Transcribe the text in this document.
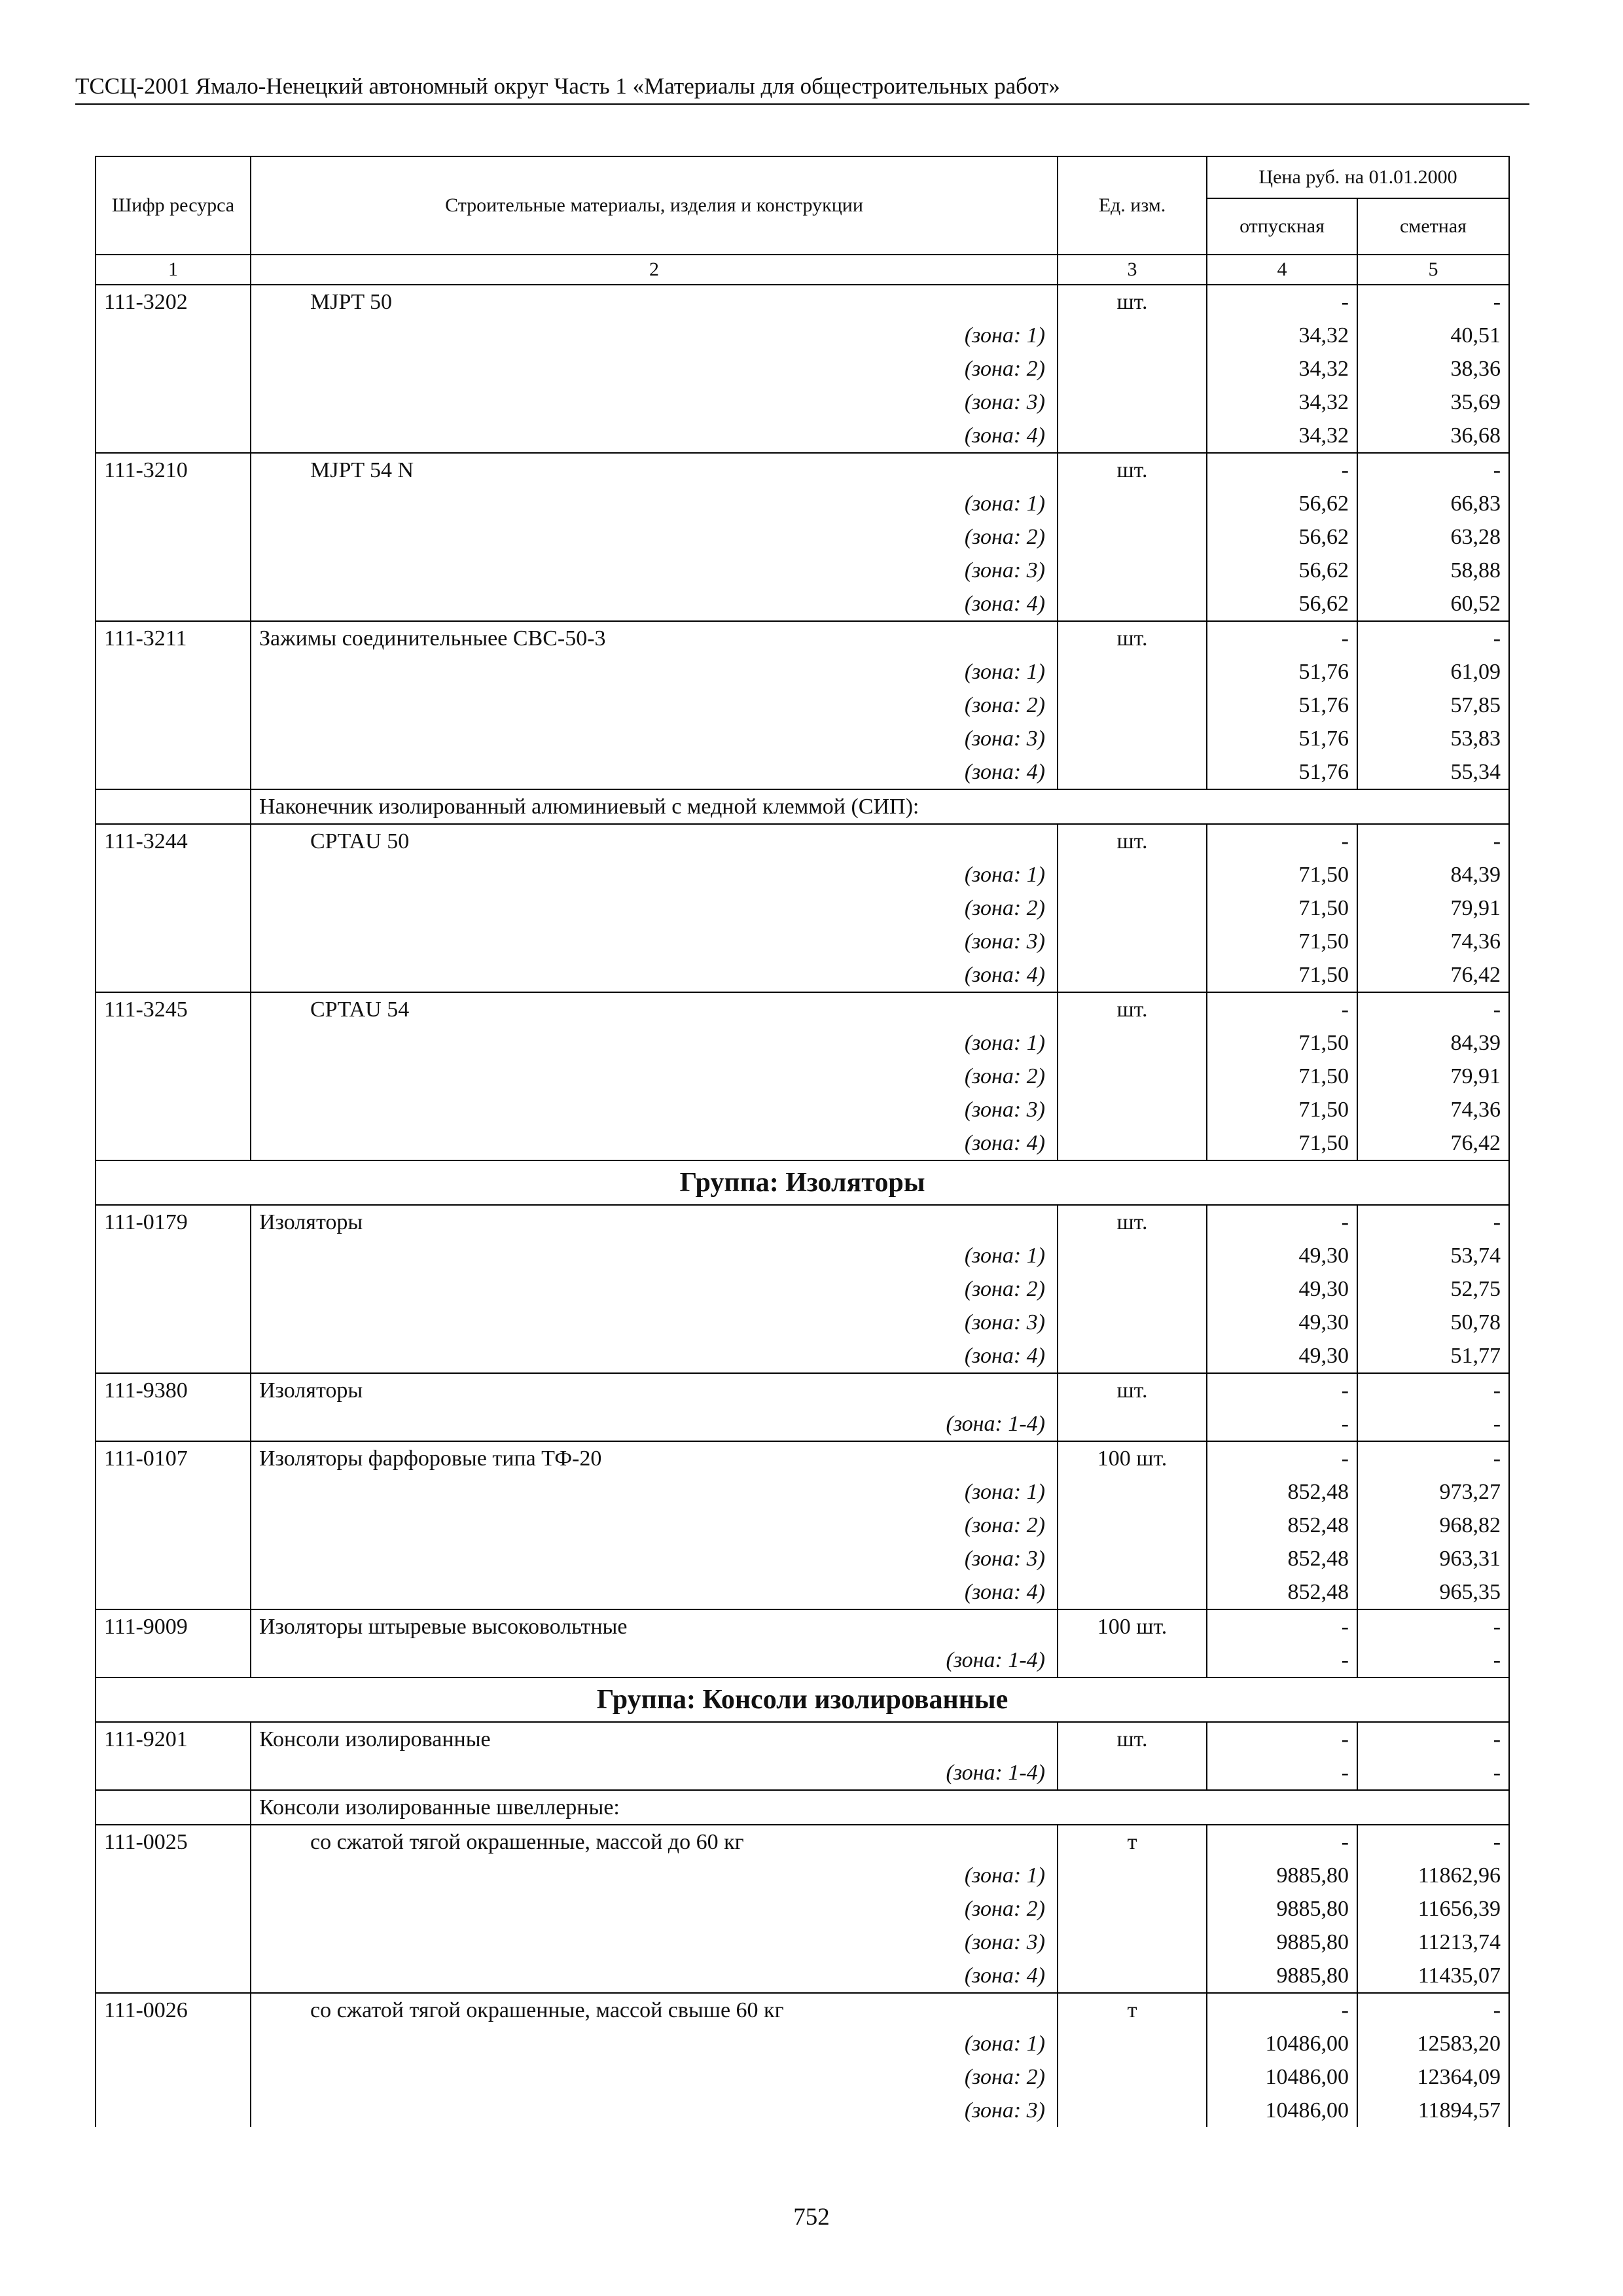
ТССЦ-2001 Ямало-Ненецкий автономный округ Часть 1 «Материалы для общестроительных работ»
Шифр ресурса	Строительные материалы, изделия и конструкции	Ед. изм.	Цена руб. на 01.01.2000	
			отпускная	сметная
1	2	3	4	5
111-3202	MJPT 50	шт.	-	-
	(зона: 1)		34,32	40,51
	(зона: 2)		34,32	38,36
	(зона: 3)		34,32	35,69
	(зона: 4)		34,32	36,68
111-3210	MJPT 54 N	шт.	-	-
	(зона: 1)		56,62	66,83
	(зона: 2)		56,62	63,28
	(зона: 3)		56,62	58,88
	(зона: 4)		56,62	60,52
111-3211	Зажимы соединительныее СВС-50-3	шт.	-	-
	(зона: 1)		51,76	61,09
	(зона: 2)		51,76	57,85
	(зона: 3)		51,76	53,83
	(зона: 4)		51,76	55,34
	Наконечник изолированный алюминиевый с медной клеммой (СИП):			
111-3244	CPTAU 50	шт.	-	-
	(зона: 1)		71,50	84,39
	(зона: 2)		71,50	79,91
	(зона: 3)		71,50	74,36
	(зона: 4)		71,50	76,42
111-3245	CPTAU 54	шт.	-	-
	(зона: 1)		71,50	84,39
	(зона: 2)		71,50	79,91
	(зона: 3)		71,50	74,36
	(зона: 4)		71,50	76,42
Группа: Изоляторы				
111-0179	Изоляторы	шт.	-	-
	(зона: 1)		49,30	53,74
	(зона: 2)		49,30	52,75
	(зона: 3)		49,30	50,78
	(зона: 4)		49,30	51,77
111-9380	Изоляторы	шт.	-	-
	(зона: 1-4)		-	-
111-0107	Изоляторы фарфоровые типа ТФ-20	100 шт.	-	-
	(зона: 1)		852,48	973,27
	(зона: 2)		852,48	968,82
	(зона: 3)		852,48	963,31
	(зона: 4)		852,48	965,35
111-9009	Изоляторы штыревые высоковольтные	100 шт.	-	-
	(зона: 1-4)		-	-
Группа: Консоли изолированные				
111-9201	Консоли изолированные	шт.	-	-
	(зона: 1-4)		-	-
	Консоли изолированные швеллерные:			
111-0025	со сжатой тягой окрашенные, массой до 60 кг	т	-	-
	(зона: 1)		9885,80	11862,96
	(зона: 2)		9885,80	11656,39
	(зона: 3)		9885,80	11213,74
	(зона: 4)		9885,80	11435,07
111-0026	со сжатой тягой окрашенные, массой свыше 60 кг	т	-	-
	(зона: 1)		10486,00	12583,20
	(зона: 2)		10486,00	12364,09
	(зона: 3)		10486,00	11894,57
752
